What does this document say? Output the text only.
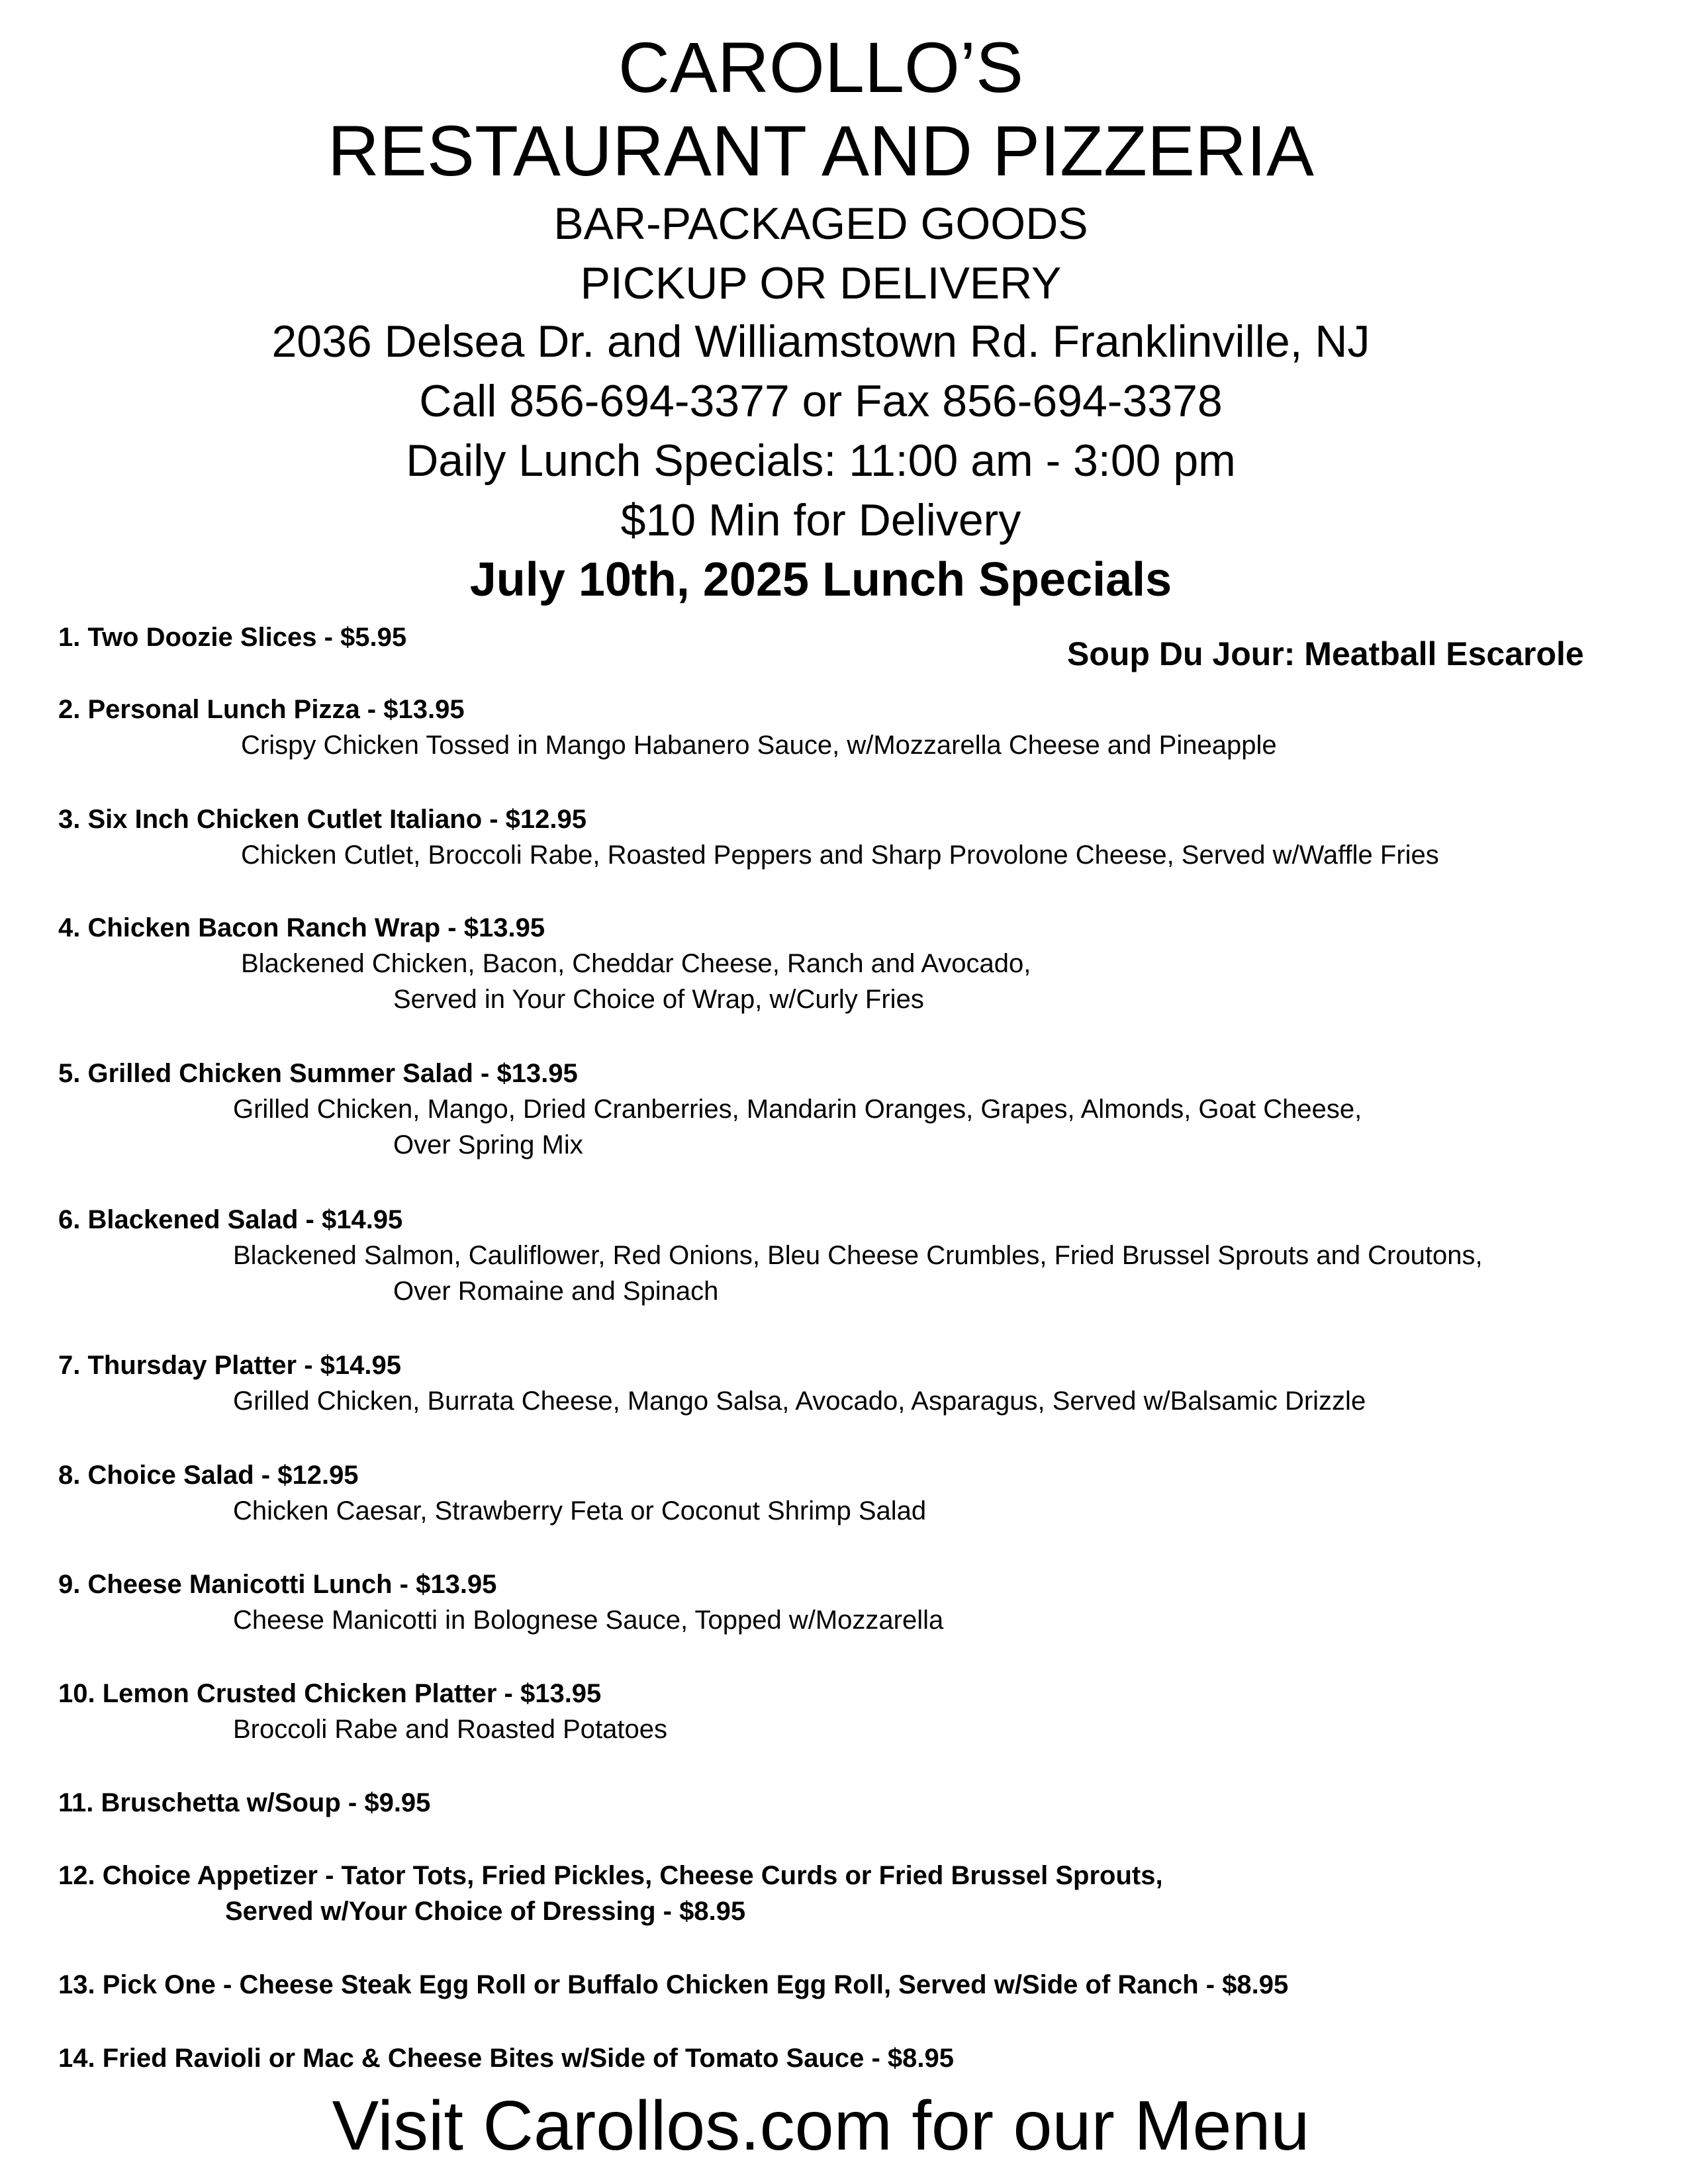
CAROLLO’S
RESTAURANT AND PIZZERIA
BAR-PACKAGED GOODS
PICKUP OR DELIVERY
2036 Delsea Dr. and Williamstown Rd. Franklinville, NJ
Call 856-694-3377 or Fax 856-694-3378
Daily Lunch Specials: 11:00 am - 3:00 pm
$10 Min for Delivery
July 10th, 2025 Lunch Specials
Soup Du Jour: Meatball Escarole
1. Two Doozie Slices - $5.95
2. Personal Lunch Pizza - $13.95
Crispy Chicken Tossed in Mango Habanero Sauce, w/Mozzarella Cheese and Pineapple
3. Six Inch Chicken Cutlet Italiano - $12.95
Chicken Cutlet, Broccoli Rabe, Roasted Peppers and Sharp Provolone Cheese, Served w/Waffle Fries
4. Chicken Bacon Ranch Wrap - $13.95
Blackened Chicken, Bacon, Cheddar Cheese, Ranch and Avocado,
Served in Your Choice of Wrap, w/Curly Fries
5. Grilled Chicken Summer Salad - $13.95
Grilled Chicken, Mango, Dried Cranberries, Mandarin Oranges, Grapes, Almonds, Goat Cheese,
Over Spring Mix
6. Blackened Salad - $14.95
Blackened Salmon, Cauliflower, Red Onions, Bleu Cheese Crumbles, Fried Brussel Sprouts and Croutons,
Over Romaine and Spinach
7. Thursday Platter - $14.95
Grilled Chicken, Burrata Cheese, Mango Salsa, Avocado, Asparagus, Served w/Balsamic Drizzle
8. Choice Salad - $12.95
Chicken Caesar, Strawberry Feta or Coconut Shrimp Salad
9. Cheese Manicotti Lunch - $13.95
Cheese Manicotti in Bolognese Sauce, Topped w/Mozzarella
10. Lemon Crusted Chicken Platter - $13.95
Broccoli Rabe and Roasted Potatoes
11. Bruschetta w/Soup - $9.95
12. Choice Appetizer - Tator Tots, Fried Pickles, Cheese Curds or Fried Brussel Sprouts,
Served w/Your Choice of Dressing - $8.95
13. Pick One - Cheese Steak Egg Roll or Buffalo Chicken Egg Roll, Served w/Side of Ranch - $8.95
14. Fried Ravioli or Mac & Cheese Bites w/Side of Tomato Sauce - $8.95
Visit Carollos.com for our Menu
